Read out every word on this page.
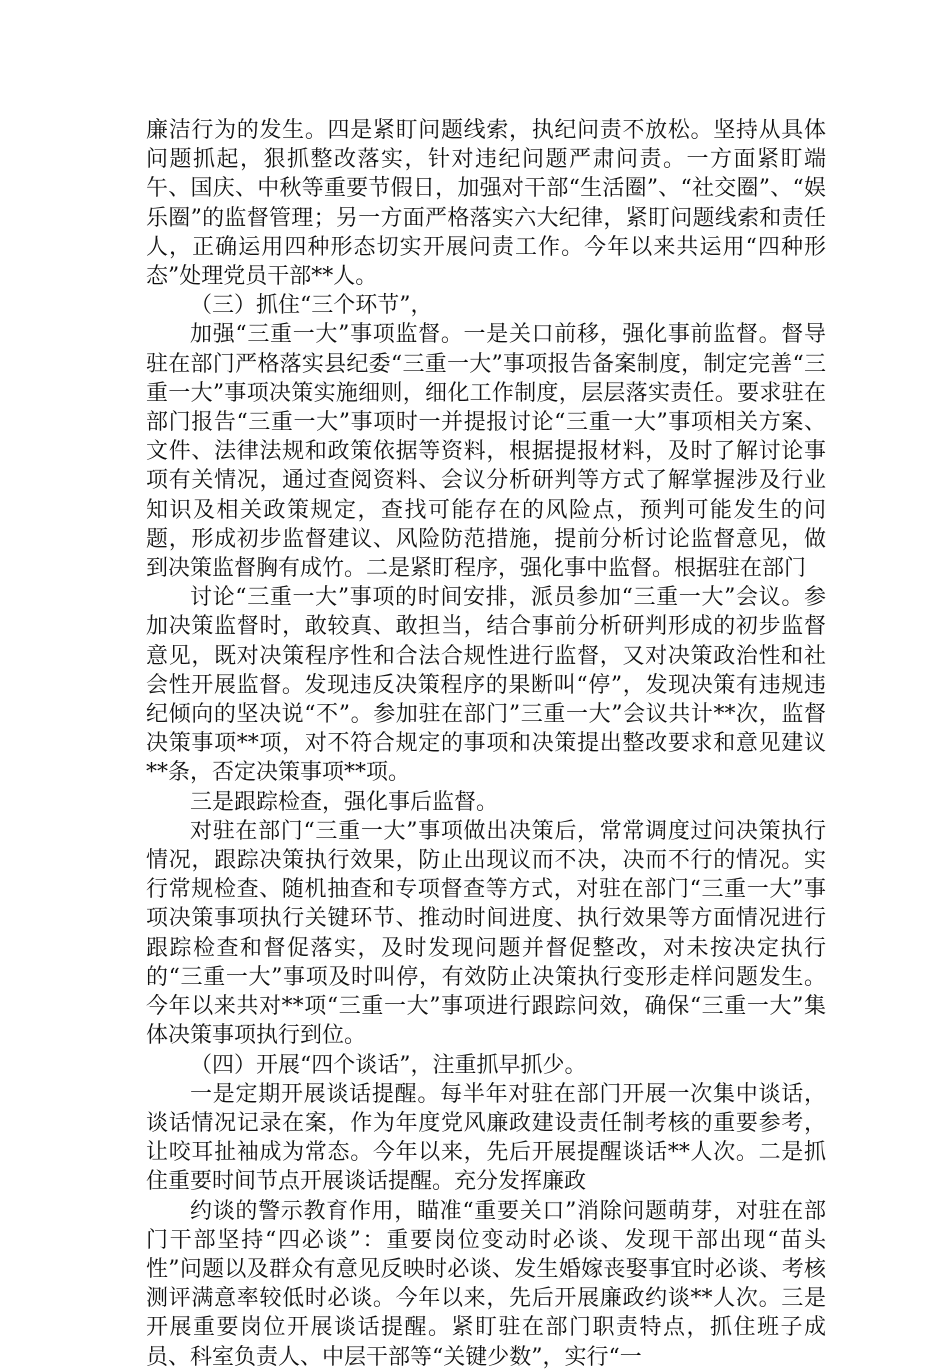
廉洁行为的发生。四是紧盯问题线索，执纪问责不放松。坚持从具体问题抓起，狠抓整改落实，针对违纪问题严肃问责。一方面紧盯端午、国庆、中秋等重要节假日，加强对干部“生活圈”、“社交圈”、“娱乐圈”的监督管理；另一方面严格落实六大纪律，紧盯问题线索和责任人，正确运用四种形态切实开展问责工作。今年以来共运用“四种形态”处理党员干部**人。

（三）抓住“三个环节”，

加强“三重一大”事项监督。一是关口前移，强化事前监督。督导驻在部门严格落实县纪委“三重一大”事项报告备案制度，制定完善“三重一大”事项决策实施细则，细化工作制度，层层落实责任。要求驻在部门报告“三重一大”事项时一并提报讨论“三重一大”事项相关方案、文件、法律法规和政策依据等资料，根据提报材料，及时了解讨论事项有关情况，通过查阅资料、会议分析研判等方式了解掌握涉及行业知识及相关政策规定，查找可能存在的风险点，预判可能发生的问题，形成初步监督建议、风险防范措施，提前分析讨论监督意见，做到决策监督胸有成竹。二是紧盯程序，强化事中监督。根据驻在部门

讨论“三重一大”事项的时间安排，派员参加“三重一大”会议。参加决策监督时，敢较真、敢担当，结合事前分析研判形成的初步监督意见，既对决策程序性和合法合规性进行监督，又对决策政治性和社会性开展监督。发现违反决策程序的果断叫“停”，发现决策有违规违纪倾向的坚决说“不”。参加驻在部门”三重一大”会议共计**次，监督决策事项**项，对不符合规定的事项和决策提出整改要求和意见建议**条，否定决策事项**项。

三是跟踪检查，强化事后监督。

对驻在部门“三重一大”事项做出决策后，常常调度过问决策执行情况，跟踪决策执行效果，防止出现议而不决，决而不行的情况。实行常规检查、随机抽查和专项督查等方式，对驻在部门“三重一大”事项决策事项执行关键环节、推动时间进度、执行效果等方面情况进行跟踪检查和督促落实，及时发现问题并督促整改，对未按决定执行的“三重一大”事项及时叫停，有效防止决策执行变形走样问题发生。今年以来共对**项“三重一大”事项进行跟踪问效，确保“三重一大”集体决策事项执行到位。

（四）开展“四个谈话”，注重抓早抓少。

一是定期开展谈话提醒。每半年对驻在部门开展一次集中谈话，谈话情况记录在案，作为年度党风廉政建设责任制考核的重要参考，让咬耳扯袖成为常态。今年以来，先后开展提醒谈话**人次。二是抓住重要时间节点开展谈话提醒。充分发挥廉政

约谈的警示教育作用，瞄准“重要关口”消除问题萌芽，对驻在部门干部坚持“四必谈”：重要岗位变动时必谈、发现干部出现“苗头性”问题以及群众有意见反映时必谈、发生婚嫁丧娶事宜时必谈、考核测评满意率较低时必谈。今年以来，先后开展廉政约谈**人次。三是开展重要岗位开展谈话提醒。紧盯驻在部门职责特点，抓住班子成员、科室负责人、中层干部等“关键少数”，实行“一
